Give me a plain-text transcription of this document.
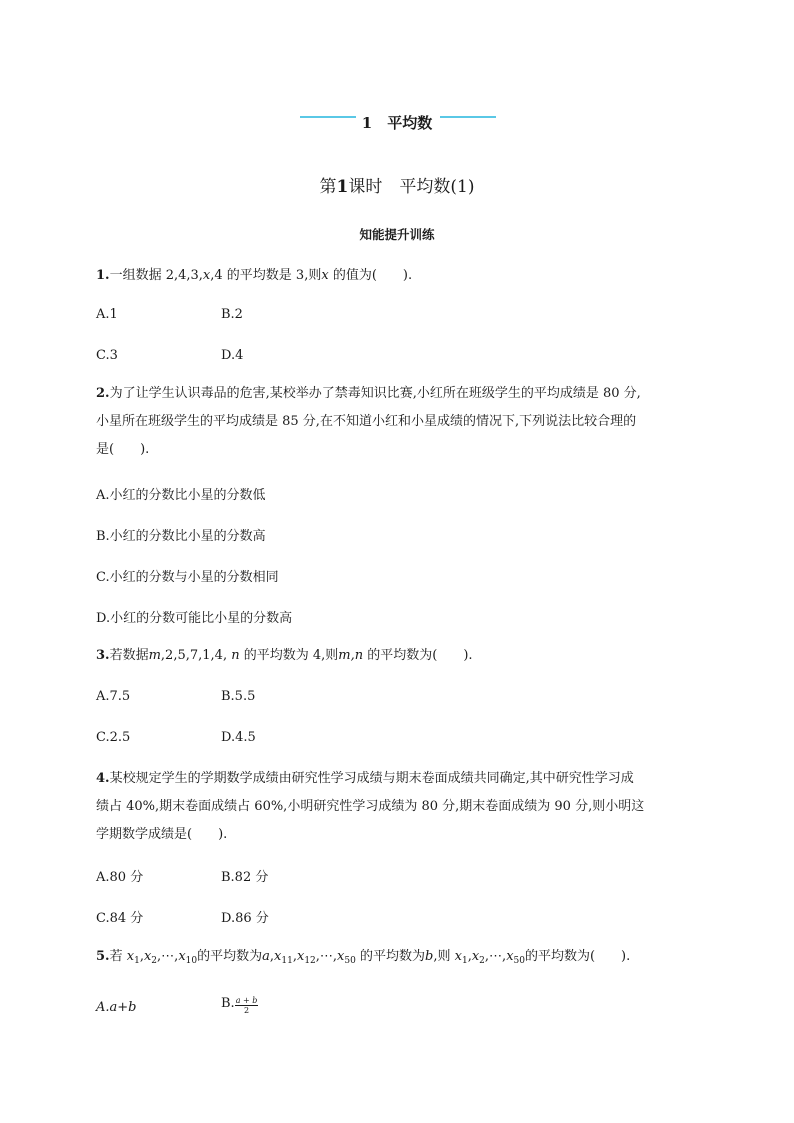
1　平均数
第1课时　平均数(1)
知能提升训练
1.一组数据 2,4,3,x,4 的平均数是 3,则x 的值为(　　).
A.1	B.2
C.3	D.4
2.为了让学生认识毒品的危害,某校举办了禁毒知识比赛,小红所在班级学生的平均成绩是 80 分,
小星所在班级学生的平均成绩是 85 分,在不知道小红和小星成绩的情况下,下列说法比较合理的
是(　　).
A.小红的分数比小星的分数低
B.小红的分数比小星的分数高
C.小红的分数与小星的分数相同
D.小红的分数可能比小星的分数高
3.若数据m,2,5,7,1,4, n 的平均数为 4,则m,n 的平均数为(　　).
A.7.5	B.5.5
C.2.5	D.4.5
4.某校规定学生的学期数学成绩由研究性学习成绩与期末卷面成绩共同确定,其中研究性学习成
绩占 40%,期末卷面成绩占 60%,小明研究性学习成绩为 80 分,期末卷面成绩为 90 分,则小明这
学期数学成绩是(　　).
A.80 分	B.82 分
C.84 分	D.86 分
5.若 $x_1,x_2,\cdots,x_{10}$的平均数为$a,x_{11},x_{12},\cdots,x_{50}$ 的平均数为b,则 $x_1,x_2,\cdots,x_{50}$的平均数为(　　).
A.a+b	B. $\frac{a + b}{2}$
